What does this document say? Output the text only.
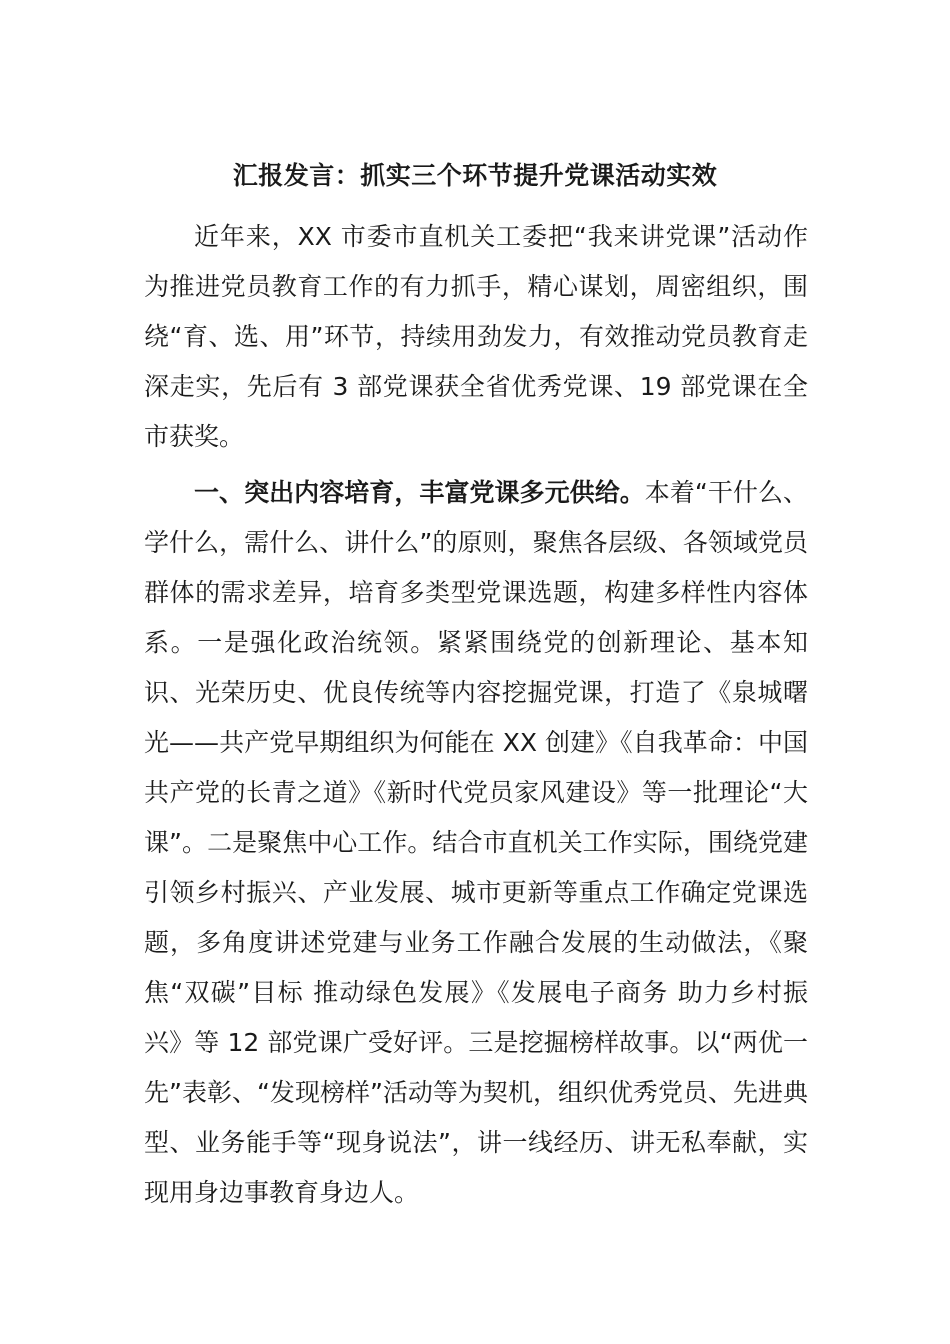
汇报发言：抓实三个环节提升党课活动实效

近年来，XX 市委市直机关工委把“我来讲党课”活动作为推进党员教育工作的有力抓手，精心谋划，周密组织，围绕“育、选、用”环节，持续用劲发力，有效推动党员教育走深走实，先后有 3 部党课获全省优秀党课、19 部党课在全市获奖。

一、突出内容培育，丰富党课多元供给。本着“干什么、学什么，需什么、讲什么”的原则，聚焦各层级、各领域党员群体的需求差异，培育多类型党课选题，构建多样性内容体系。一是强化政治统领。紧紧围绕党的创新理论、基本知识、光荣历史、优良传统等内容挖掘党课，打造了《泉城曙光——共产党早期组织为何能在 XX 创建》《自我革命：中国共产党的长青之道》《新时代党员家风建设》等一批理论“大课”。二是聚焦中心工作。结合市直机关工作实际，围绕党建引领乡村振兴、产业发展、城市更新等重点工作确定党课选题，多角度讲述党建与业务工作融合发展的生动做法，《聚焦“双碳”目标 推动绿色发展》《发展电子商务 助力乡村振兴》等 12 部党课广受好评。三是挖掘榜样故事。以“两优一先”表彰、“发现榜样”活动等为契机，组织优秀党员、先进典型、业务能手等“现身说法”，讲一线经历、讲无私奉献，实现用身边事教育身边人。
